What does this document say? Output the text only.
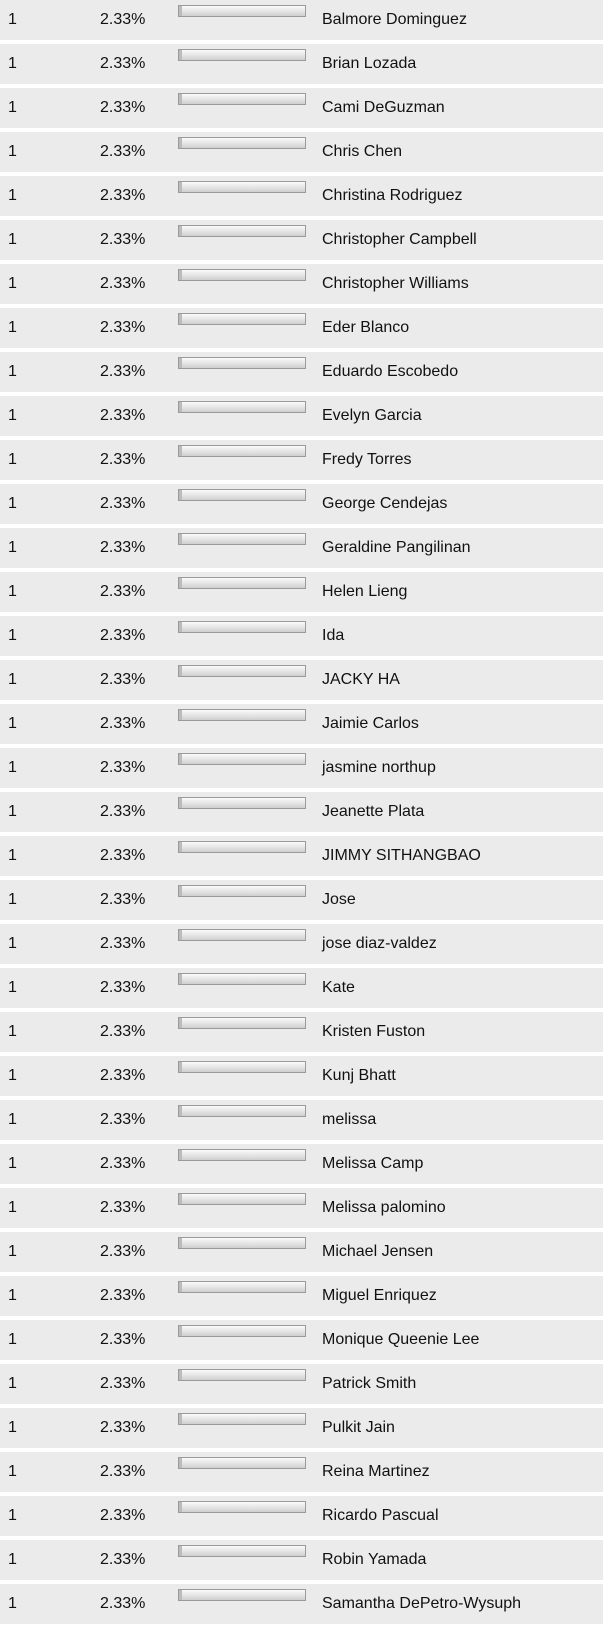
1	2.33%	Balmore Dominguez
1	2.33%	Brian Lozada
1	2.33%	Cami DeGuzman
1	2.33%	Chris Chen
1	2.33%	Christina Rodriguez
1	2.33%	Christopher Campbell
1	2.33%	Christopher Williams
1	2.33%	Eder Blanco
1	2.33%	Eduardo Escobedo
1	2.33%	Evelyn Garcia
1	2.33%	Fredy Torres
1	2.33%	George Cendejas
1	2.33%	Geraldine Pangilinan
1	2.33%	Helen Lieng
1	2.33%	Ida
1	2.33%	JACKY HA
1	2.33%	Jaimie Carlos
1	2.33%	jasmine northup
1	2.33%	Jeanette Plata
1	2.33%	JIMMY SITHANGBAO
1	2.33%	Jose
1	2.33%	jose diaz-valdez
1	2.33%	Kate
1	2.33%	Kristen Fuston
1	2.33%	Kunj Bhatt
1	2.33%	melissa
1	2.33%	Melissa Camp
1	2.33%	Melissa palomino
1	2.33%	Michael Jensen
1	2.33%	Miguel Enriquez
1	2.33%	Monique Queenie Lee
1	2.33%	Patrick Smith
1	2.33%	Pulkit Jain
1	2.33%	Reina Martinez
1	2.33%	Ricardo Pascual
1	2.33%	Robin Yamada
1	2.33%	Samantha DePetro-Wysuph
